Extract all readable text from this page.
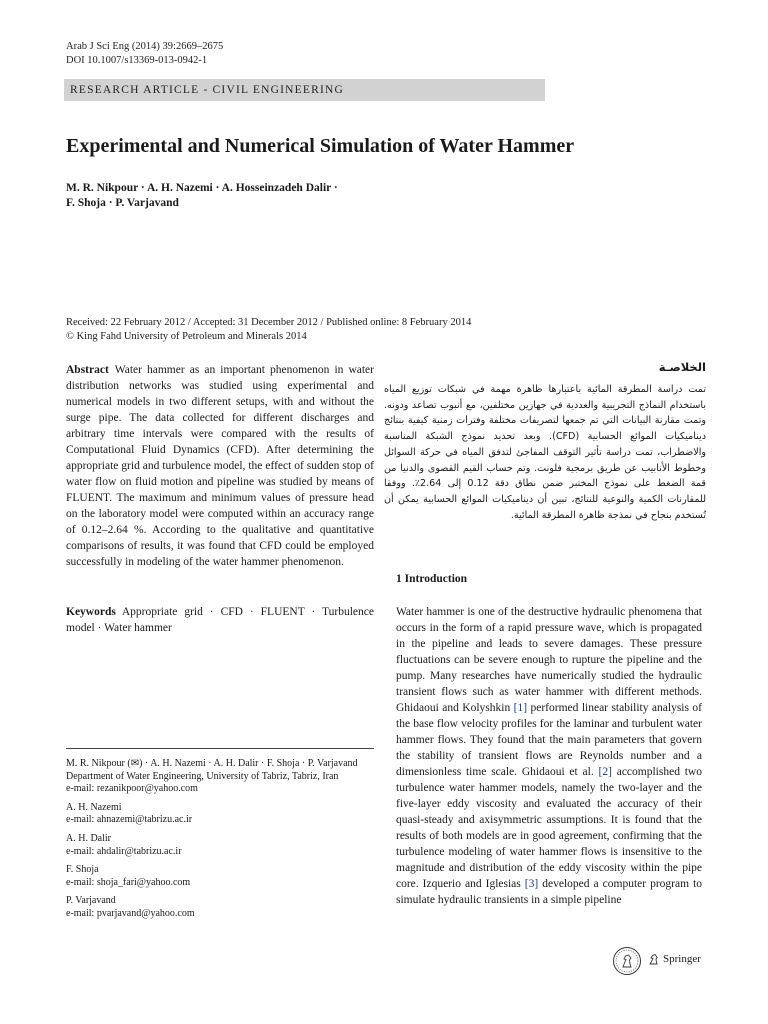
Arab J Sci Eng (2014) 39:2669–2675
DOI 10.1007/s13369-013-0942-1
RESEARCH ARTICLE - CIVIL ENGINEERING
Experimental and Numerical Simulation of Water Hammer
M. R. Nikpour · A. H. Nazemi · A. Hosseinzadeh Dalir ·
F. Shoja · P. Varjavand
Received: 22 February 2012 / Accepted: 31 December 2012 / Published online: 8 February 2014
© King Fahd University of Petroleum and Minerals 2014
Abstract Water hammer as an important phenomenon in water distribution networks was studied using experimental and numerical models in two different setups, with and without the surge pipe. The data collected for different discharges and arbitrary time intervals were compared with the results of Computational Fluid Dynamics (CFD). After determining the appropriate grid and turbulence model, the effect of sudden stop of water flow on fluid motion and pipeline was studied by means of FLUENT. The maximum and minimum values of pressure head on the laboratory model were computed within an accuracy range of 0.12–2.64 %. According to the qualitative and quantitative comparisons of results, it was found that CFD could be employed successfully in modeling of the water hammer phenomenon.
Keywords Appropriate grid · CFD · FLUENT · Turbulence model · Water hammer
الخلاصـة
تمت دراسة المطرقة المائية باعتبارها ظاهرة مهمة في شبكات توزيع المياه باستخدام النماذج التجريبية والعددية في جهازين مختلفين، مع أنبوب تصاعد ودونه. وتمت مقارنة البيانات التي تم جمعها لتصريفات مختلفة وفترات زمنية كيفية بنتائج ديناميكيات الموائع الحسابية (CFD). وبعد تحديد نموذج الشبكة المناسبة والاضطراب، تمت دراسة تأثير التوقف المفاجئ لتدفق المياه في حركة السوائل وخطوط الأنابيب عن طريق برمجية فلونت. وتم حساب القيم القصوى والدنيا من قمة الضغط على نموذج المختبر ضمن نطاق دقة 0.12 إلى 2.64٪. ووفقا للمقارنات الكمية والنوعية للنتائج، تبين أن ديناميكيات الموائع الحسابية يمكن أن تُستخدم بنجاح في نمذجة ظاهرة المطرقة المائية.
1 Introduction
Water hammer is one of the destructive hydraulic phenomena that occurs in the form of a rapid pressure wave, which is propagated in the pipeline and leads to severe damages. These pressure fluctuations can be severe enough to rupture the pipeline and the pump. Many researches have numerically studied the hydraulic transient flows such as water hammer with different methods. Ghidaoui and Kolyshkin [1] performed linear stability analysis of the base flow velocity profiles for the laminar and turbulent water hammer flows. They found that the main parameters that govern the stability of transient flows are Reynolds number and a dimensionless time scale. Ghidaoui et al. [2] accomplished two turbulence water hammer models, namely the two-layer and the five-layer eddy viscosity and evaluated the accuracy of their quasi-steady and axisymmetric assumptions. It is found that the results of both models are in good agreement, confirming that the turbulence modeling of water hammer flows is insensitive to the magnitude and distribution of the eddy viscosity within the pipe core. Izquerio and Iglesias [3] developed a computer program to simulate hydraulic transients in a simple pipeline
M. R. Nikpour (✉) · A. H. Nazemi · A. H. Dalir · F. Shoja · P. Varjavand
Department of Water Engineering, University of Tabriz, Tabriz, Iran
e-mail: rezanikpoor@yahoo.com
A. H. Nazemi
e-mail: ahnazemi@tabrizu.ac.ir
A. H. Dalir
e-mail: ahdalir@tabrizu.ac.ir
F. Shoja
e-mail: shoja_fari@yahoo.com
P. Varjavand
e-mail: pvarjavand@yahoo.com
Springer
